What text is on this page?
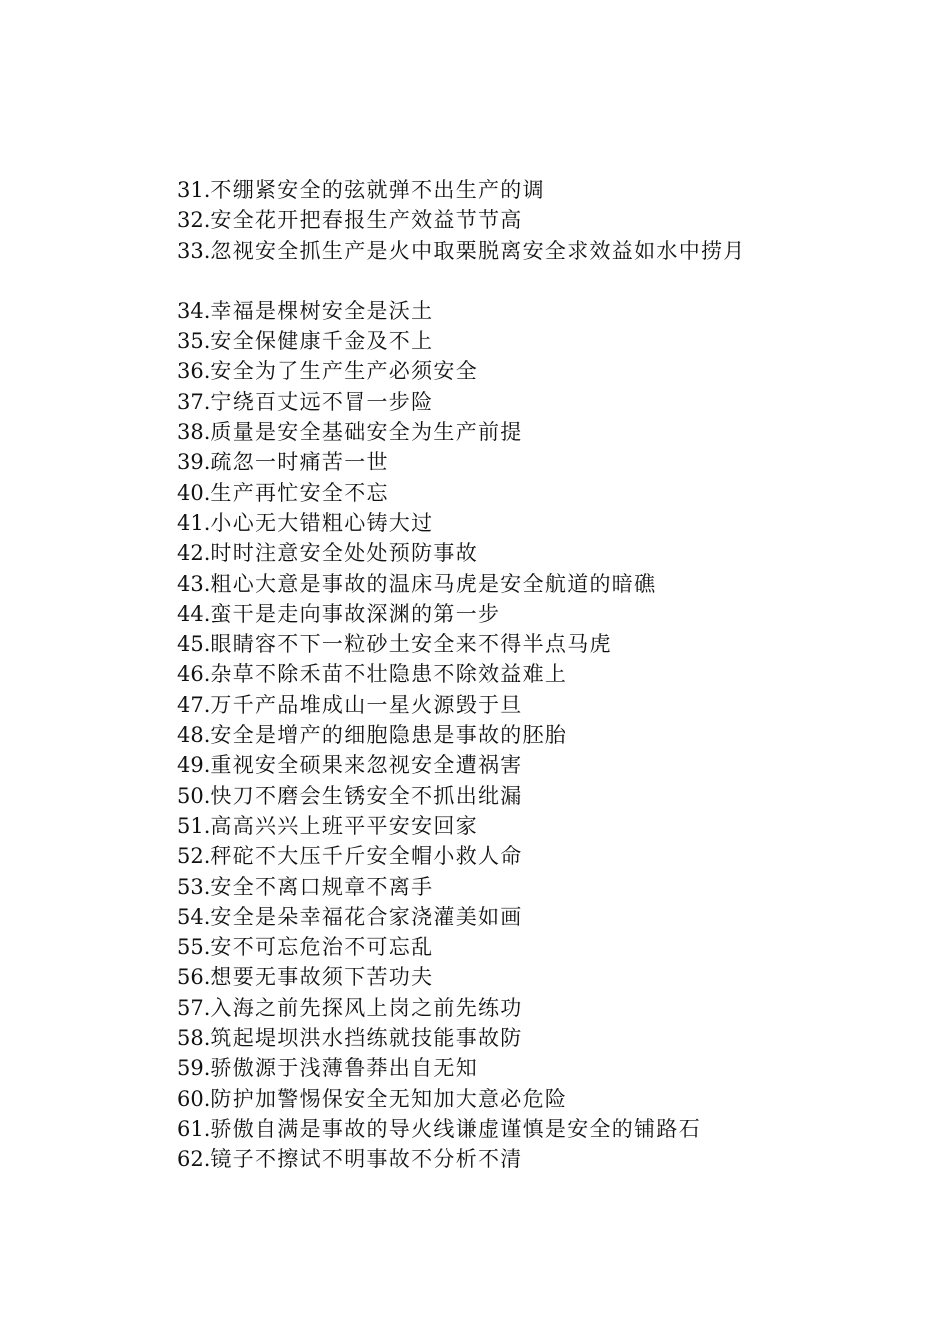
31.不绷紧安全的弦就弹不出生产的调
32.安全花开把春报生产效益节节高
33.忽视安全抓生产是火中取栗脱离安全求效益如水中捞月
34.幸福是棵树安全是沃土
35.安全保健康千金及不上
36.安全为了生产生产必须安全
37.宁绕百丈远不冒一步险
38.质量是安全基础安全为生产前提
39.疏忽一时痛苦一世
40.生产再忙安全不忘
41.小心无大错粗心铸大过
42.时时注意安全处处预防事故
43.粗心大意是事故的温床马虎是安全航道的暗礁
44.蛮干是走向事故深渊的第一步
45.眼睛容不下一粒砂土安全来不得半点马虎
46.杂草不除禾苗不壮隐患不除效益难上
47.万千产品堆成山一星火源毁于旦
48.安全是增产的细胞隐患是事故的胚胎
49.重视安全硕果来忽视安全遭祸害
50.快刀不磨会生锈安全不抓出纰漏
51.高高兴兴上班平平安安回家
52.秤砣不大压千斤安全帽小救人命
53.安全不离口规章不离手
54.安全是朵幸福花合家浇灌美如画
55.安不可忘危治不可忘乱
56.想要无事故须下苦功夫
57.入海之前先探风上岗之前先练功
58.筑起堤坝洪水挡练就技能事故防
59.骄傲源于浅薄鲁莽出自无知
60.防护加警惕保安全无知加大意必危险
61.骄傲自满是事故的导火线谦虚谨慎是安全的铺路石
62.镜子不擦试不明事故不分析不清
